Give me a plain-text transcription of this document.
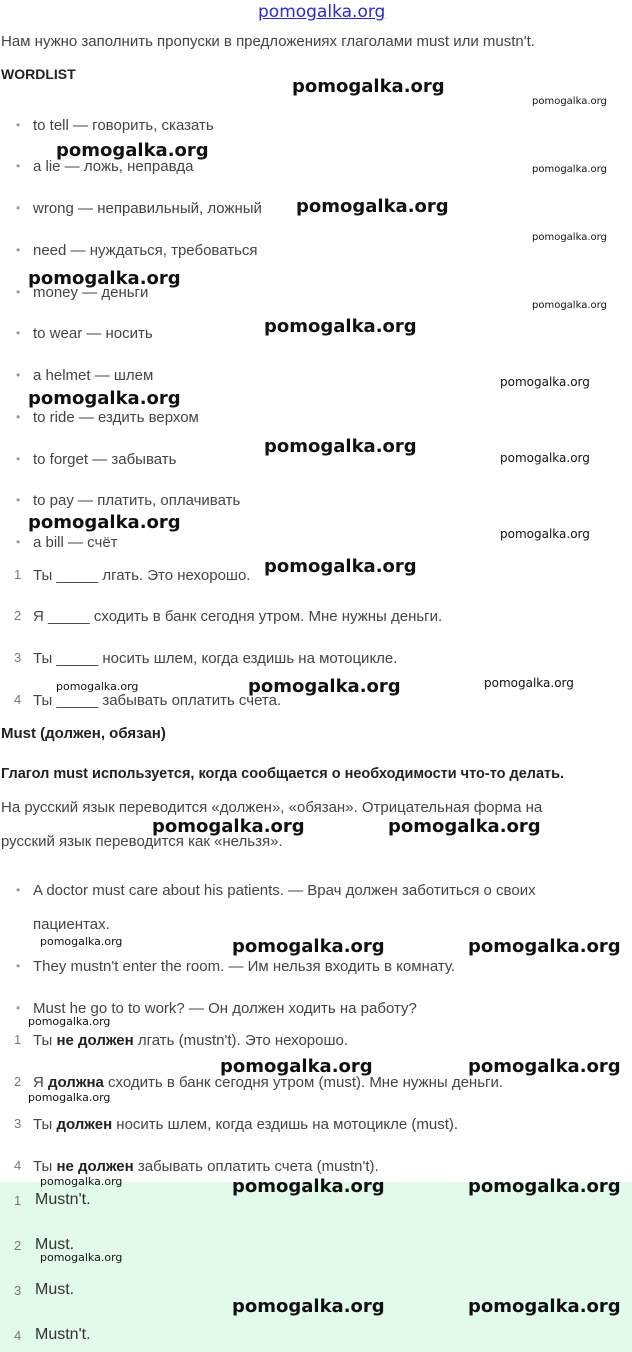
pomogalka.org
Нам нужно заполнить пропуски в предложениях глаголами must или mustn't.
WORDLIST
• to tell — говорить, сказать
• a lie — ложь, неправда
• wrong — неправильный, ложный
• need — нуждаться, требоваться
• money — деньги
• to wear — носить
• a helmet — шлем
• to ride — ездить верхом
• to forget — забывать
• to pay — платить, оплачивать
• a bill — счёт
1 Ты _____ лгать. Это нехорошо.
2 Я _____ сходить в банк сегодня утром. Мне нужны деньги.
3 Ты _____ носить шлем, когда ездишь на мотоцикле.
4 Ты _____ забывать оплатить счета.
Must (должен, обязан)
Глагол must используется, когда сообщается о необходимости что-то делать.
На русский язык переводится «должен», «обязан». Отрицательная форма на
русский язык переводится как «нельзя».
• A doctor must care about his patients. — Врач должен заботиться о своих
пациентах.
• They mustn't enter the room. — Им нельзя входить в комнату.
• Must he go to to work? — Он должен ходить на работу?
1 Ты не должен лгать (mustn't). Это нехорошо.
2 Я должна сходить в банк сегодня утром (must). Мне нужны деньги.
3 Ты должен носить шлем, когда ездишь на мотоцикле (must).
4 Ты не должен забывать оплатить счета (mustn't).
1 Mustn't.
2 Must.
3 Must.
4 Mustn't.
pomogalka.org
pomogalka.org
pomogalka.org
pomogalka.org
pomogalka.org
pomogalka.org
pomogalka.org
pomogalka.org
pomogalka.org
pomogalka.org
pomogalka.org	pomogalka.org
pomogalka.org	pomogalka.org
pomogalka.org	pomogalka.org
pomogalka.org	pomogalka.org
pomogalka.org	pomogalka.org
pomogalka.org
pomogalka.org
pomogalka.org
pomogalka.org
pomogalka.org
pomogalka.org
pomogalka.org
pomogalka.org	pomogalka.org
pomogalka.org
pomogalka.org
pomogalka.org
pomogalka.org
pomogalka.org
